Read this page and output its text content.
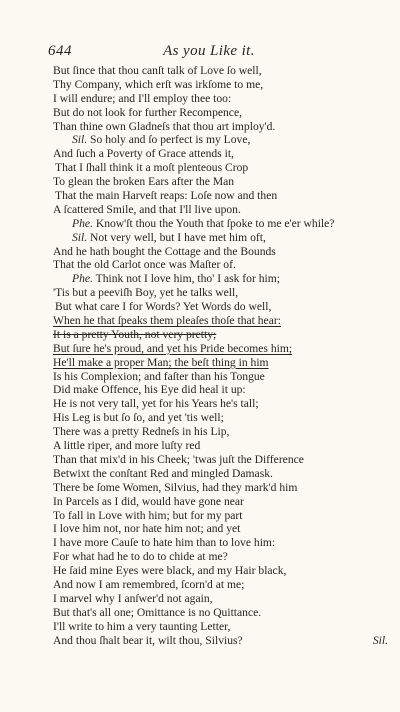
644	As you Like it.
But ſince that thou canſt talk of Love ſo well,
Thy Company, which erſt was irkſome to me,
I will endure; and I'll employ thee too:
But do not look for further Recompence,
Than thine own Gladneſs that thou art imploy'd.
Sil. So holy and ſo perfect is my Love,
And ſuch a Poverty of Grace attends it,
That I ſhall think it a moſt plenteous Crop
To glean the broken Ears after the Man
That the main Harveſt reaps: Loſe now and then
A ſcattered Smile, and that I'll live upon.
Phe. Know'ſt thou the Youth that ſpoke to me e'er while?
Sil. Not very well, but I have met him oft,
And he hath bought the Cottage and the Bounds
That the old Carlot once was Maſter of.
Phe. Think not I love him, tho' I ask for him;
'Tis but a peeviſh Boy, yet he talks well,
But what care I for Words? Yet Words do well,
When he that ſpeaks them pleaſes thoſe that hear:
It is a pretty Youth, not very pretty;
But ſure he's proud, and yet his Pride becomes him;
He'll make a proper Man; the beſt thing in him
Is his Complexion; and faſter than his Tongue
Did make Offence, his Eye did heal it up:
He is not very tall, yet for his Years he's tall;
His Leg is but ſo ſo, and yet 'tis well;
There was a pretty Redneſs in his Lip,
A little riper, and more luſty red
Than that mix'd in his Cheek; 'twas juſt the Difference
Betwixt the conſtant Red and mingled Damask.
There be ſome Women, Silvius, had they mark'd him
In Parcels as I did, would have gone near
To fall in Love with him; but for my part
I love him not, nor hate him not; and yet
I have more Cauſe to hate him than to love him:
For what had he to do to chide at me?
He ſaid mine Eyes were black, and my Hair black,
And now I am remembred, ſcorn'd at me;
I marvel why I anſwer'd not again,
But that's all one; Omittance is no Quittance.
I'll write to him a very taunting Letter,
And thou ſhalt bear it, wilt thou, Silvius?	Sil.
